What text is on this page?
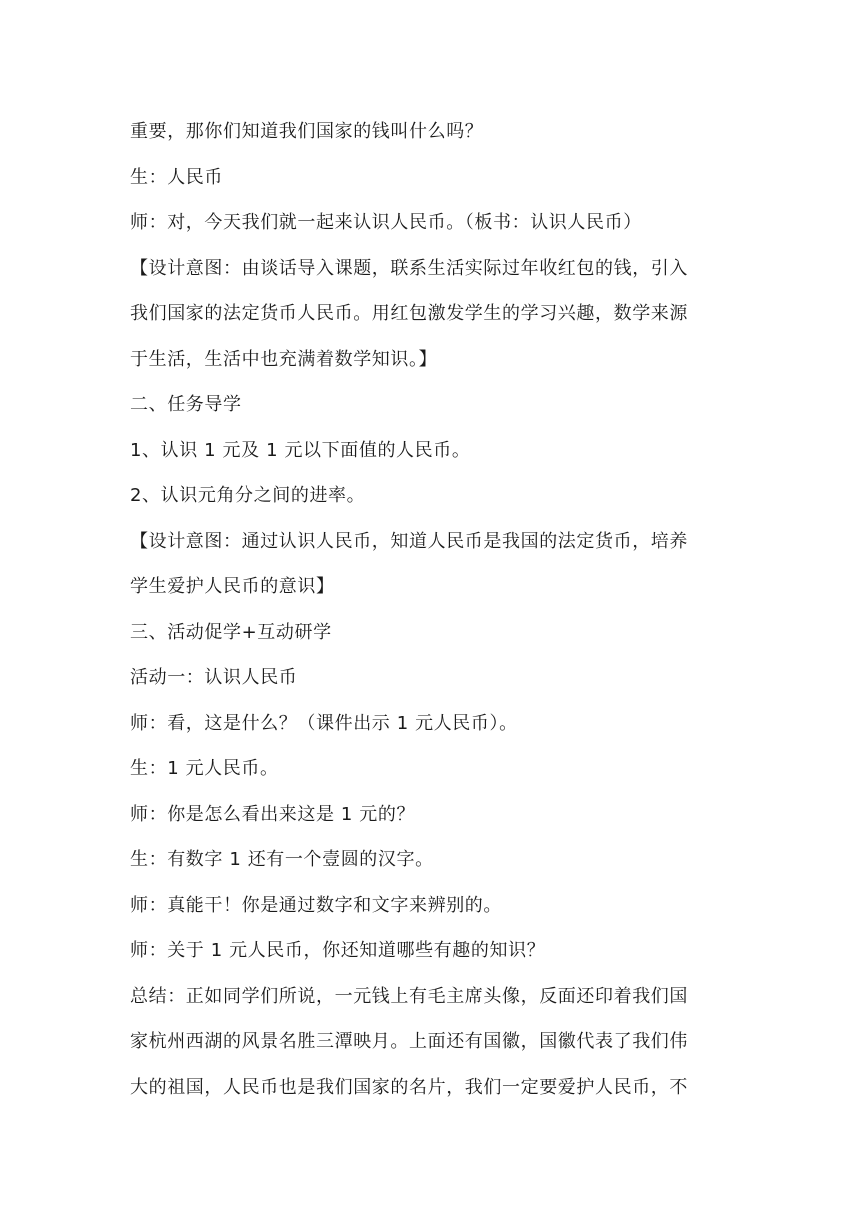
重要，那你们知道我们国家的钱叫什么吗？
生：人民币
师：对，今天我们就一起来认识人民币。（板书：认识人民币）
【设计意图：由谈话导入课题，联系生活实际过年收红包的钱，引入
我们国家的法定货币人民币。用红包激发学生的学习兴趣，数学来源
于生活，生活中也充满着数学知识。】
二、任务导学
1、认识 1 元及 1 元以下面值的人民币。
2、认识元角分之间的进率。
【设计意图：通过认识人民币，知道人民币是我国的法定货币，培养
学生爱护人民币的意识】
三、活动促学+互动研学
活动一：认识人民币
师：看，这是什么？（课件出示 1 元人民币）。
生：1 元人民币。
师：你是怎么看出来这是 1 元的？
生：有数字 1 还有一个壹圆的汉字。
师：真能干！你是通过数字和文字来辨别的。
师：关于 1 元人民币，你还知道哪些有趣的知识？
总结：正如同学们所说，一元钱上有毛主席头像，反面还印着我们国
家杭州西湖的风景名胜三潭映月。上面还有国徽，国徽代表了我们伟
大的祖国，人民币也是我们国家的名片，我们一定要爱护人民币，不
